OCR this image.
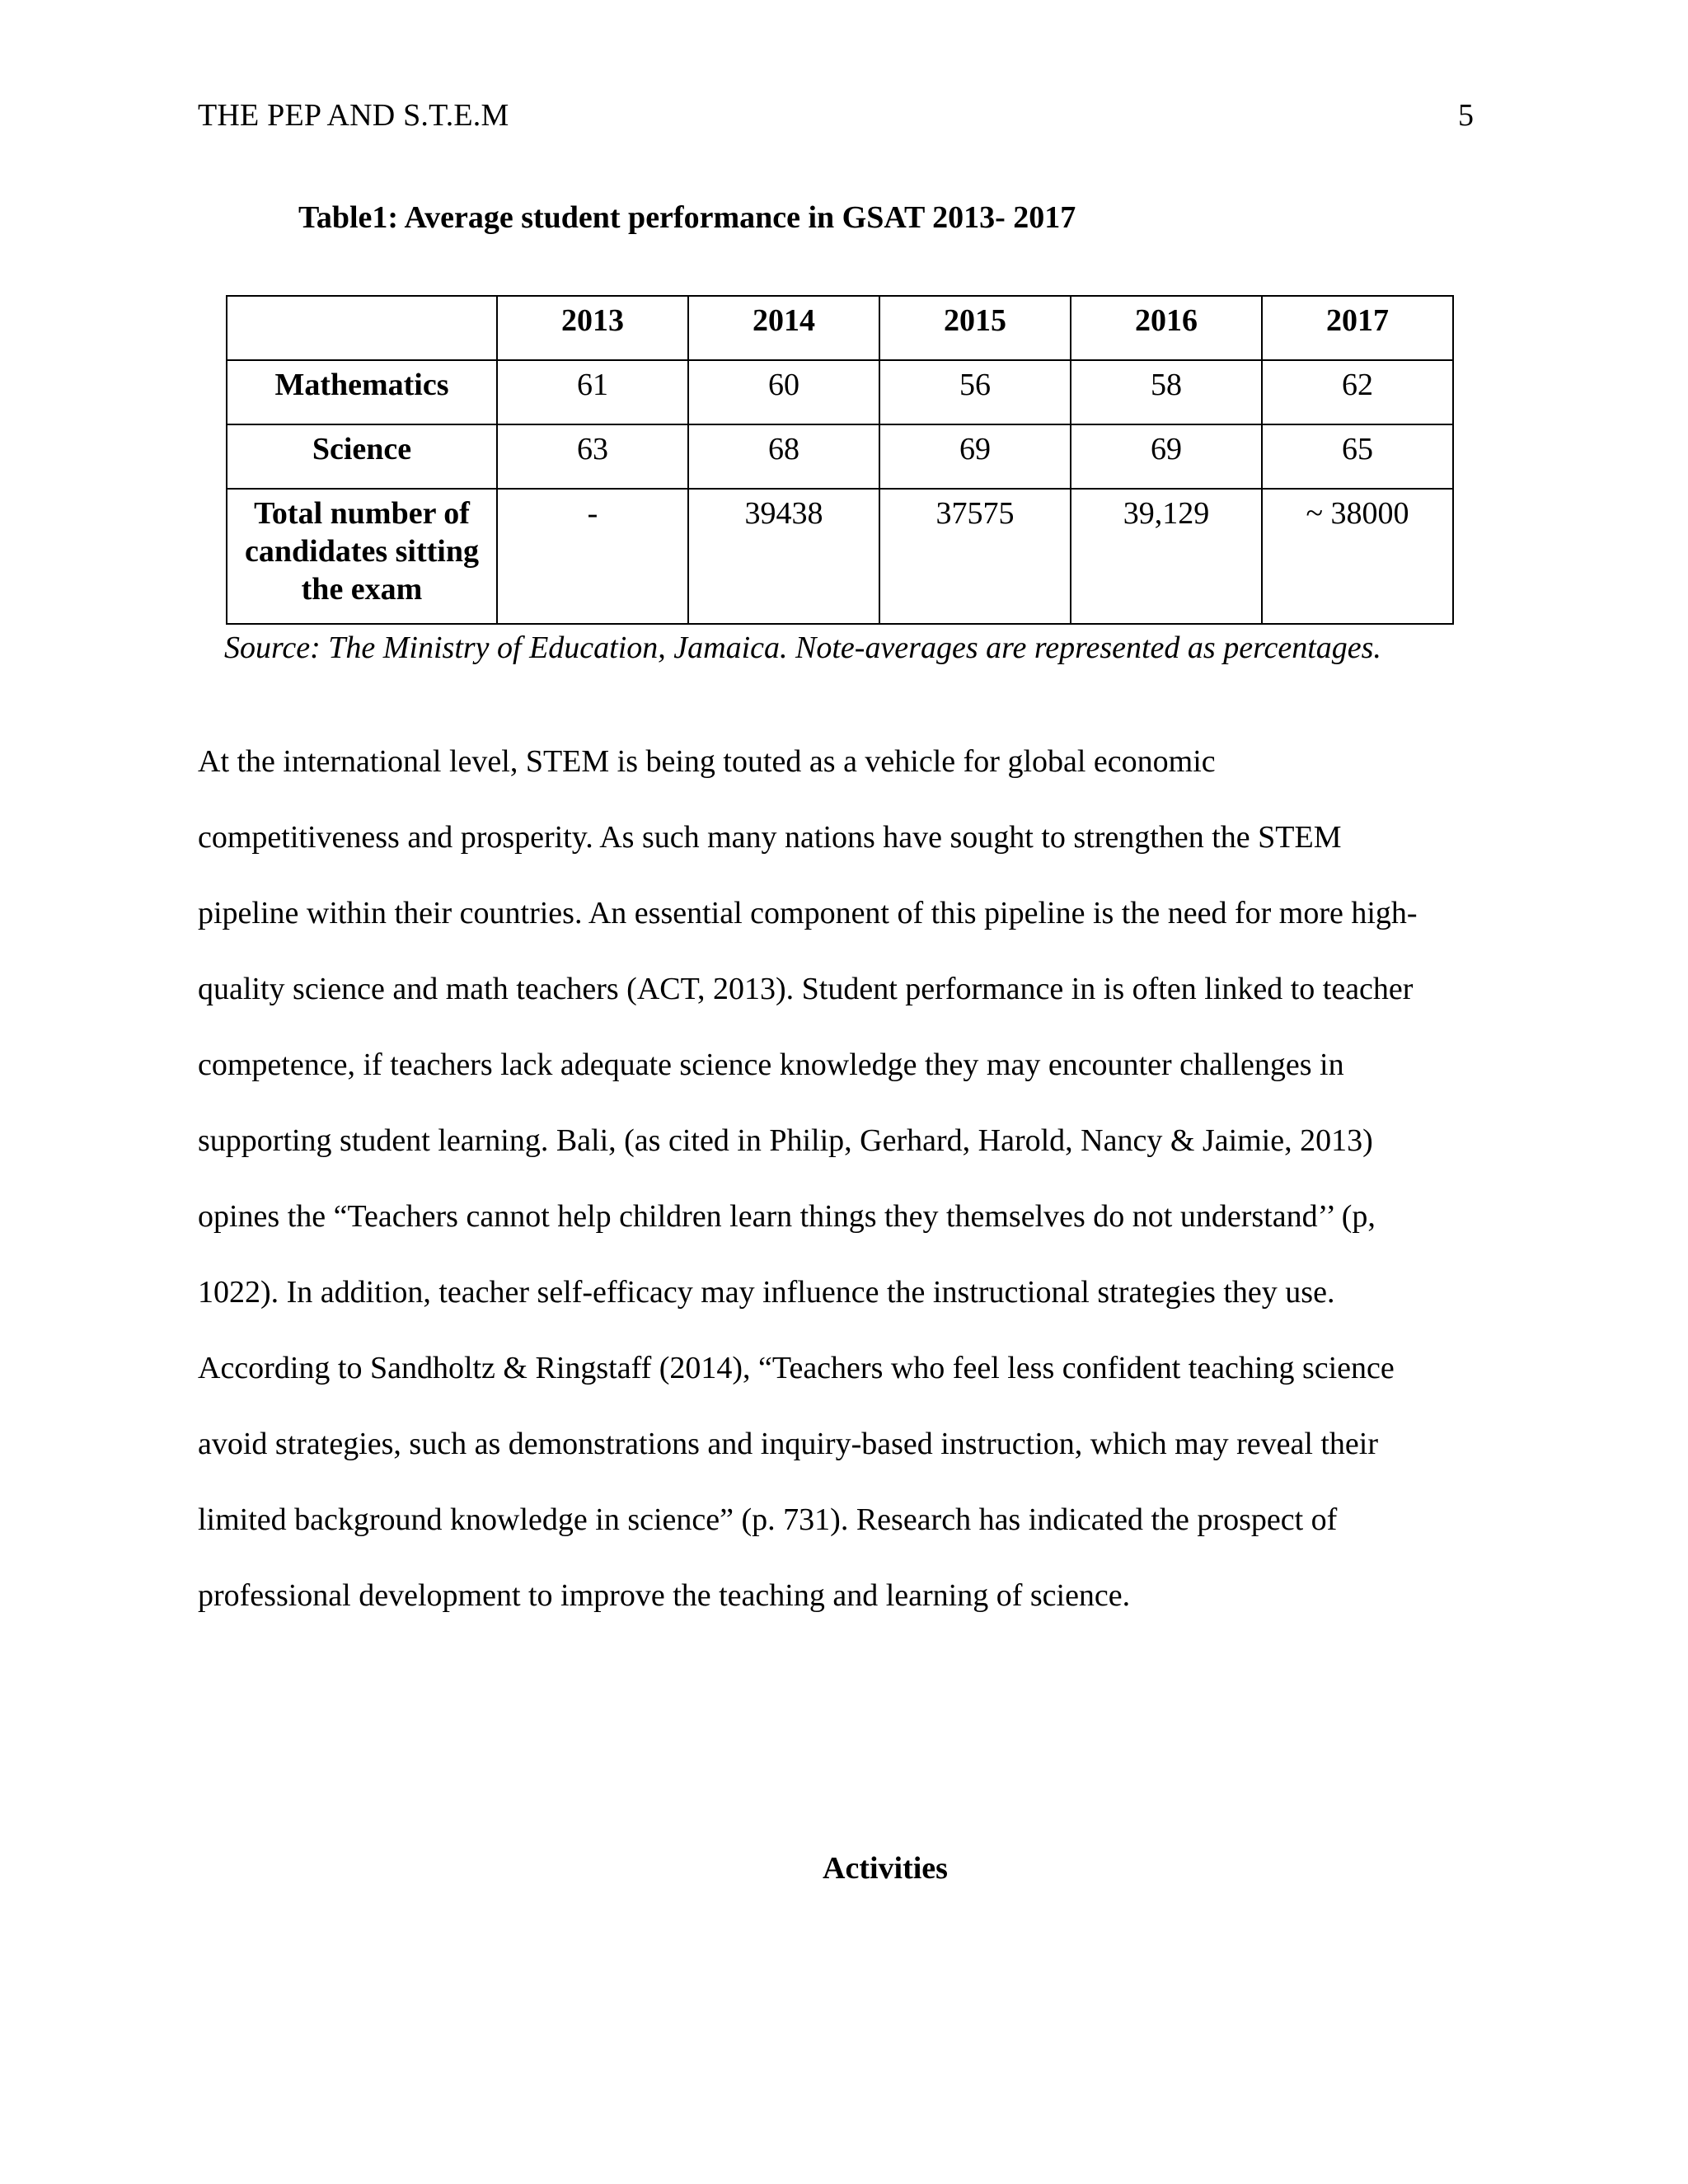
THE PEP AND S.T.E.M	5
Table1: Average student performance in GSAT 2013- 2017
	2013	2014	2015	2016	2017
Mathematics	61	60	56	58	62
Science	63	68	69	69	65
Total number of candidates sitting the exam	-	39438	37575	39,129	~ 38000
Source: The Ministry of Education, Jamaica. Note-averages are represented as percentages.
At the international level, STEM is being touted as a vehicle for global economic
competitiveness and prosperity. As such many nations have sought to strengthen the STEM
pipeline within their countries. An essential component of this pipeline is the need for more high-
quality science and math teachers (ACT, 2013). Student performance in is often linked to teacher
competence, if teachers lack adequate science knowledge they may encounter challenges in
supporting student learning. Bali, (as cited in Philip, Gerhard, Harold, Nancy & Jaimie, 2013)
opines the “Teachers cannot help children learn things they themselves do not understand’’ (p,
1022). In addition, teacher self-efficacy may influence the instructional strategies they use.
According to Sandholtz & Ringstaff (2014), “Teachers who feel less confident teaching science
avoid strategies, such as demonstrations and inquiry-based instruction, which may reveal their
limited background knowledge in science” (p. 731). Research has indicated the prospect of
professional development to improve the teaching and learning of science.
Activities
